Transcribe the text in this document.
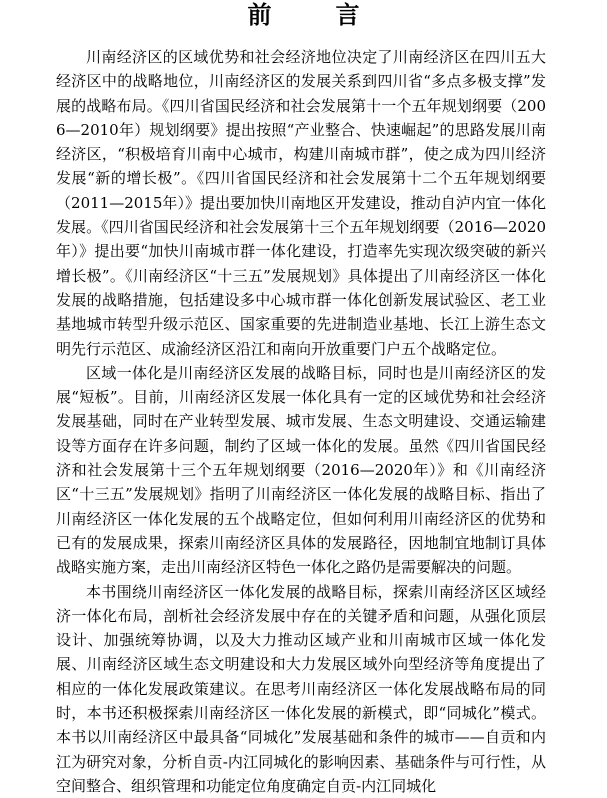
前　言

川南经济区的区域优势和社会经济地位决定了川南经济区在四川五大经济区中的战略地位，川南经济区的发展关系到四川省“多点多极支撑”发展的战略布局。《四川省国民经济和社会发展第十一个五年规划纲要（2006—2010年）规划纲要》提出按照“产业整合、快速崛起”的思路发展川南经济区，“积极培育川南中心城市，构建川南城市群”，使之成为四川经济发展“新的增长极”。《四川省国民经济和社会发展第十二个五年规划纲要（2011—2015年）》提出要加快川南地区开发建设，推动自泸内宜一体化发展。《四川省国民经济和社会发展第十三个五年规划纲要（2016—2020年）》提出要“加快川南城市群一体化建设，打造率先实现次级突破的新兴增长极”。《川南经济区“十三五”发展规划》具体提出了川南经济区一体化发展的战略措施，包括建设多中心城市群一体化创新发展试验区、老工业基地城市转型升级示范区、国家重要的先进制造业基地、长江上游生态文明先行示范区、成渝经济区沿江和南向开放重要门户五个战略定位。

区域一体化是川南经济区发展的战略目标，同时也是川南经济区的发展“短板”。目前，川南经济区发展一体化具有一定的区域优势和社会经济发展基础，同时在产业转型发展、城市发展、生态文明建设、交通运输建设等方面存在许多问题，制约了区域一体化的发展。虽然《四川省国民经济和社会发展第十三个五年规划纲要（2016—2020年）》和《川南经济区“十三五”发展规划》指明了川南经济区一体化发展的战略目标、指出了川南经济区一体化发展的五个战略定位，但如何利用川南经济区的优势和已有的发展成果，探索川南经济区具体的发展路径，因地制宜地制订具体战略实施方案，走出川南经济区特色一体化之路仍是需要解决的问题。

本书围绕川南经济区一体化发展的战略目标，探索川南经济区区域经济一体化布局，剖析社会经济发展中存在的关键矛盾和问题，从强化顶层设计、加强统筹协调，以及大力推动区域产业和川南城市区域一体化发展、川南经济区域生态文明建设和大力发展区域外向型经济等角度提出了相应的一体化发展政策建议。在思考川南经济区一体化发展战略布局的同时，本书还积极探索川南经济区一体化发展的新模式，即“同城化”模式。本书以川南经济区中最具备“同城化”发展基础和条件的城市——自贡和内江为研究对象，分析自贡-内江同城化的影响因素、基础条件与可行性，从空间整合、组织管理和功能定位角度确定自贡-内江同城化
